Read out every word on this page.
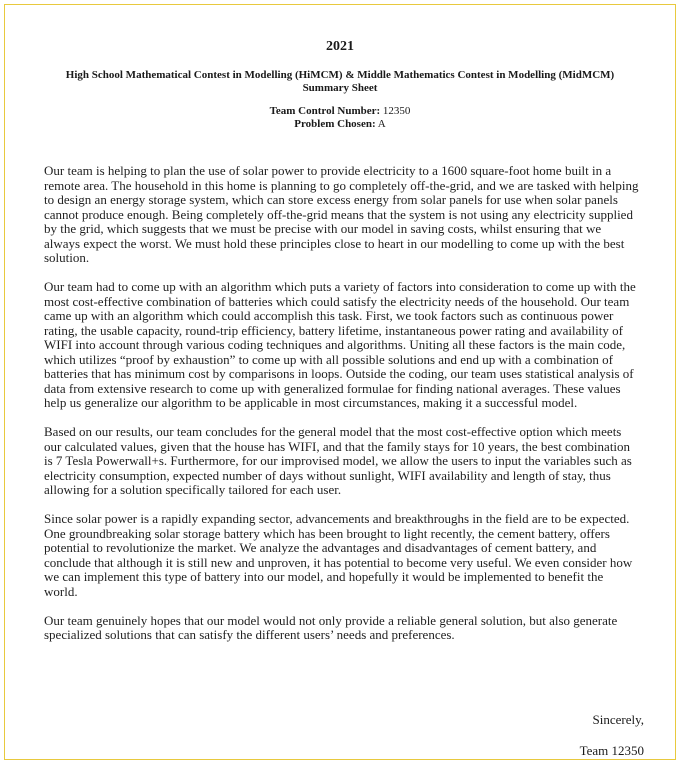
2021
High School Mathematical Contest in Modelling (HiMCM) & Middle Mathematics Contest in Modelling (MidMCM)
Summary Sheet
Team Control Number: 12350
Problem Chosen: A

Our team is helping to plan the use of solar power to provide electricity to a 1600 square-foot home built in a remote area. The household in this home is planning to go completely off-the-grid, and we are tasked with helping to design an energy storage system, which can store excess energy from solar panels for use when solar panels cannot produce enough. Being completely off-the-grid means that the system is not using any electricity supplied by the grid, which suggests that we must be precise with our model in saving costs, whilst ensuring that we always expect the worst. We must hold these principles close to heart in our modelling to come up with the best solution.

Our team had to come up with an algorithm which puts a variety of factors into consideration to come up with the most cost-effective combination of batteries which could satisfy the electricity needs of the household. Our team came up with an algorithm which could accomplish this task. First, we took factors such as continuous power rating, the usable capacity, round-trip efficiency, battery lifetime, instantaneous power rating and availability of WIFI into account through various coding techniques and algorithms. Uniting all these factors is the main code, which utilizes “proof by exhaustion” to come up with all possible solutions and end up with a combination of batteries that has minimum cost by comparisons in loops. Outside the coding, our team uses statistical analysis of data from extensive research to come up with generalized formulae for finding national averages. These values help us generalize our algorithm to be applicable in most circumstances, making it a successful model.

Based on our results, our team concludes for the general model that the most cost-effective option which meets our calculated values, given that the house has WIFI, and that the family stays for 10 years, the best combination is 7 Tesla Powerwall+s. Furthermore, for our improvised model, we allow the users to input the variables such as electricity consumption, expected number of days without sunlight, WIFI availability and length of stay, thus allowing for a solution specifically tailored for each user.

Since solar power is a rapidly expanding sector, advancements and breakthroughs in the field are to be expected. One groundbreaking solar storage battery which has been brought to light recently, the cement battery, offers potential to revolutionize the market. We analyze the advantages and disadvantages of cement battery, and conclude that although it is still new and unproven, it has potential to become very useful. We even consider how we can implement this type of battery into our model, and hopefully it would be implemented to benefit the world.

Our team genuinely hopes that our model would not only provide a reliable general solution, but also generate specialized solutions that can satisfy the different users’ needs and preferences.

Sincerely,
Team 12350
